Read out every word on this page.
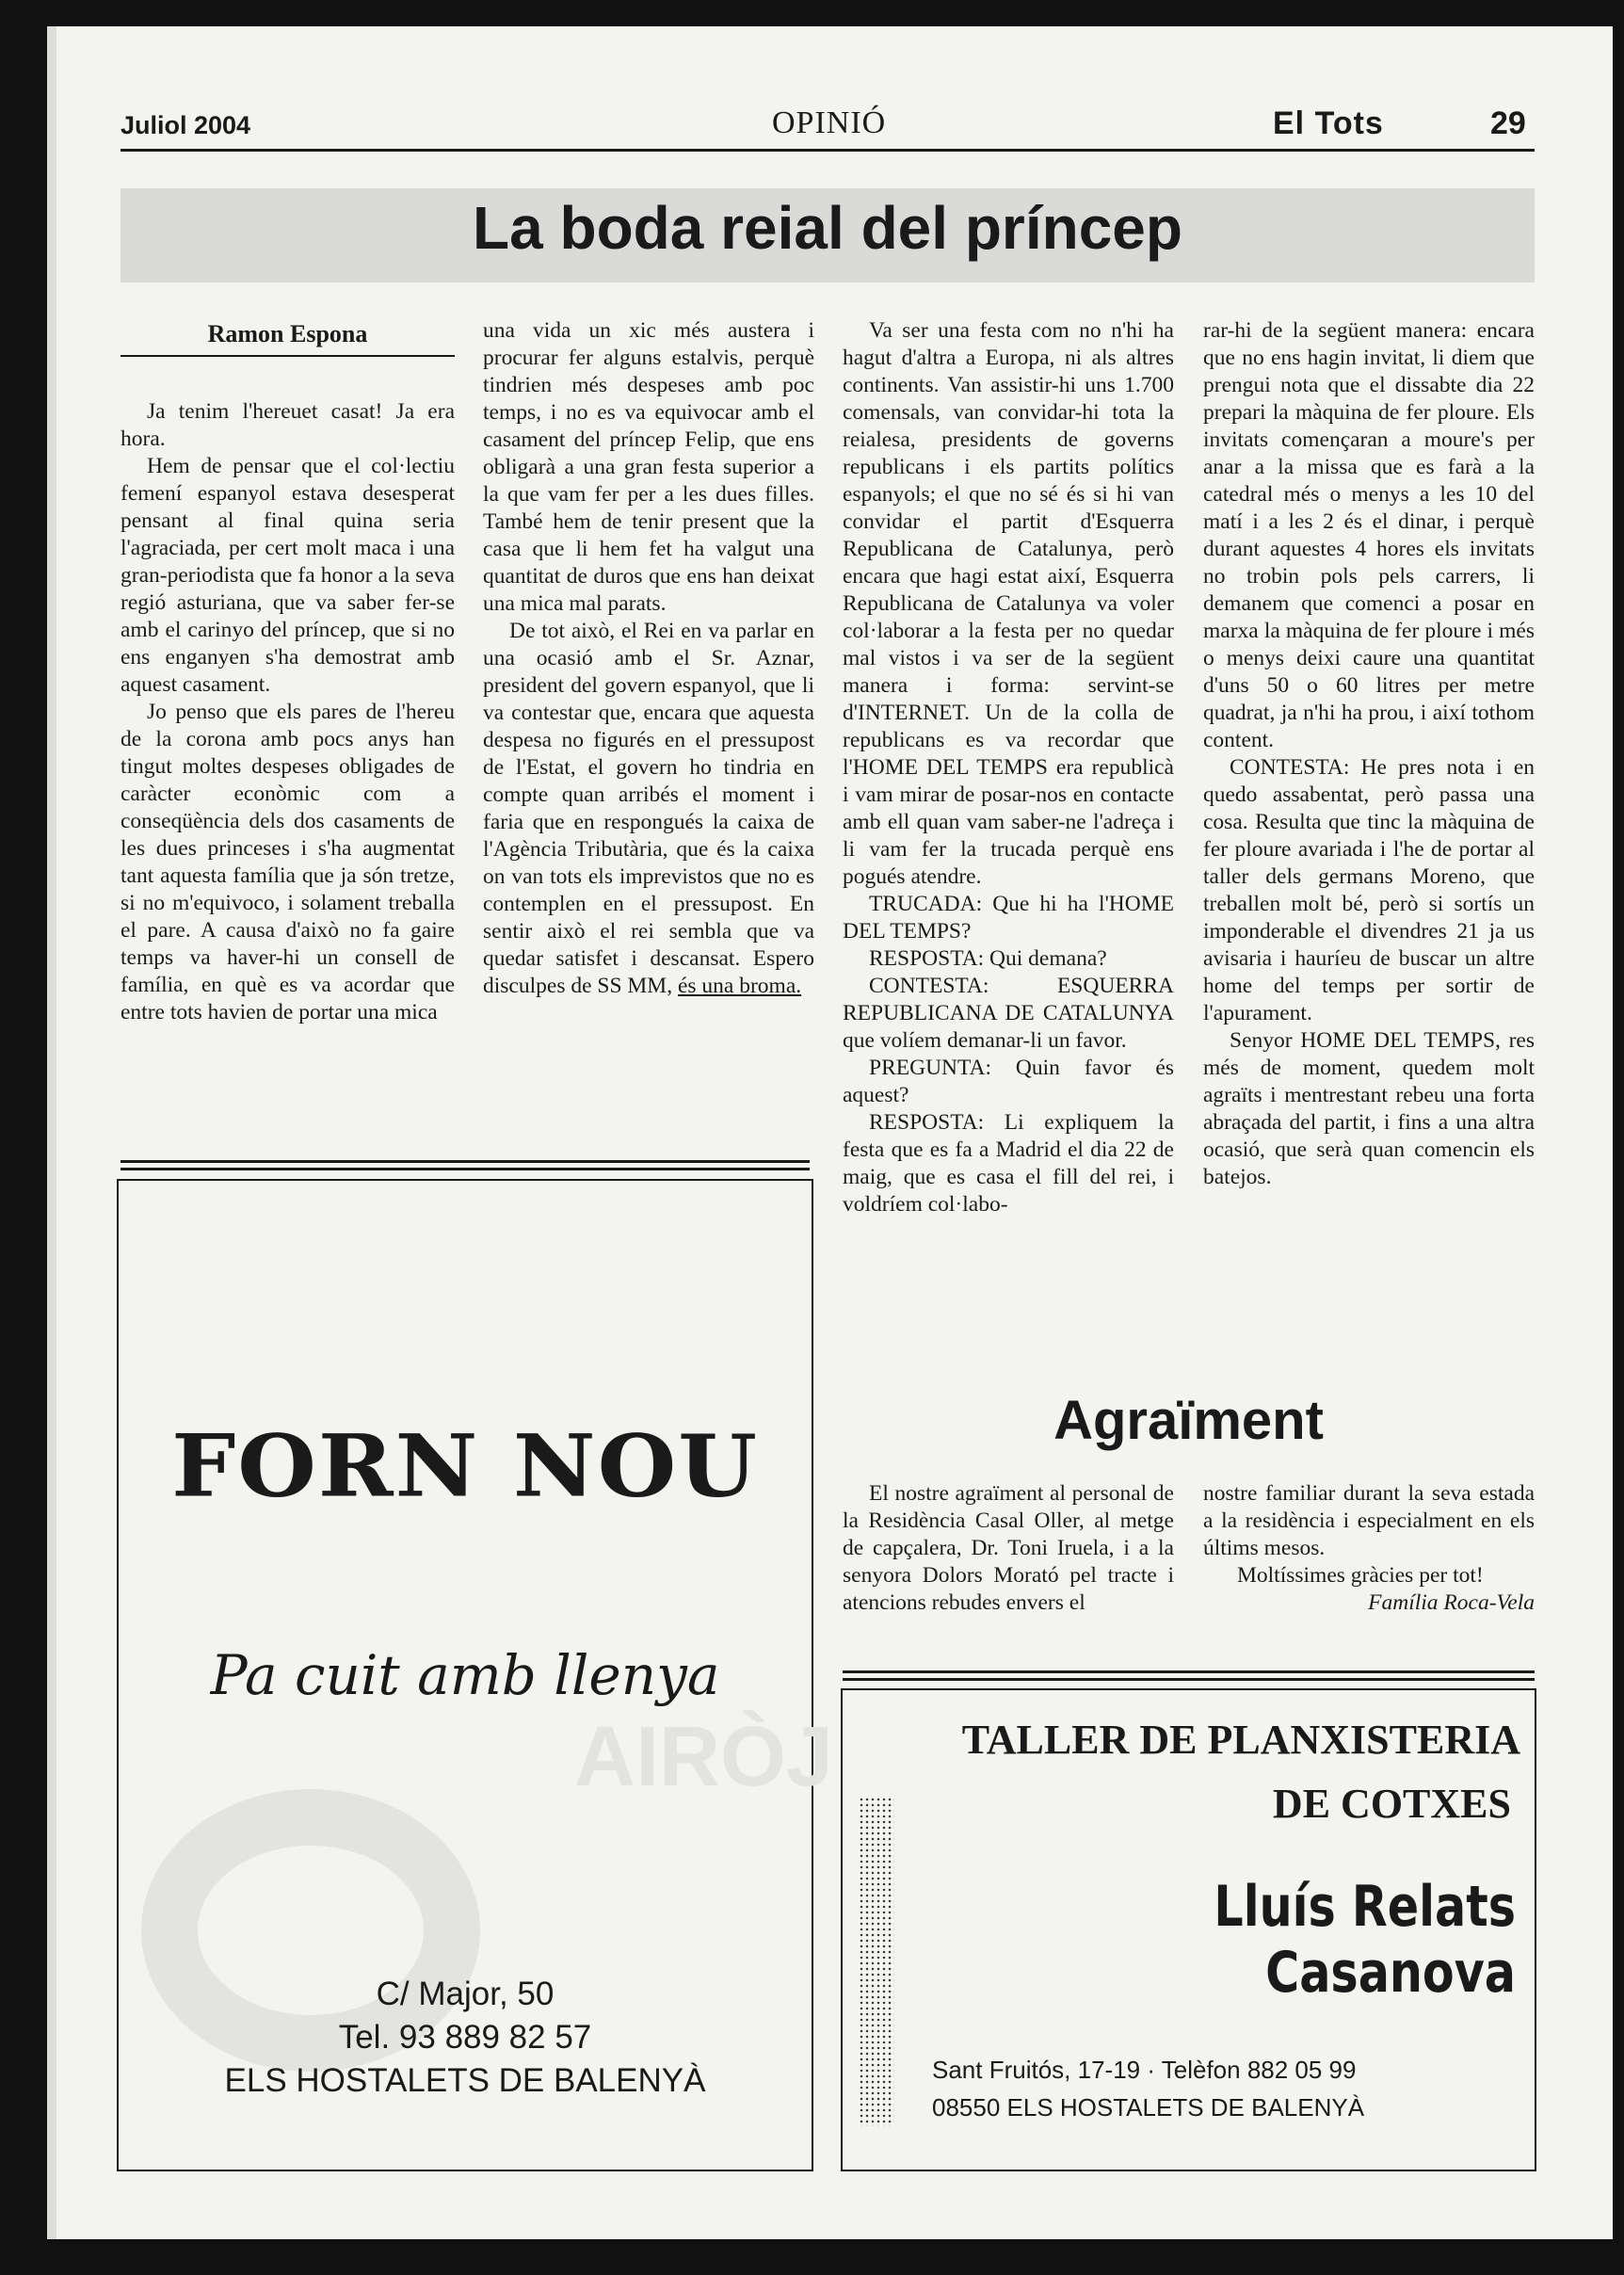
Juliol 2004	OPINIÓ	El Tots	29
La boda reial del príncep
Ramon Espona

Ja tenim l'hereuet casat! Ja era hora.

Hem de pensar que el col·lectiu femení espanyol estava desesperat pensant al final quina seria l'agraciada, per cert molt maca i una gran-periodista que fa honor a la seva regió asturiana, que va saber fer-se amb el carinyo del príncep, que si no ens enganyen s'ha demostrat amb aquest casament.

Jo penso que els pares de l'hereu de la corona amb pocs anys han tingut moltes despeses obligades de caràcter econòmic com a conseqüència dels dos casaments de les dues princeses i s'ha augmentat tant aquesta família que ja són tretze, si no m'equivoco, i solament treballa el pare. A causa d'això no fa gaire temps va haver-hi un consell de família, en què es va acordar que entre tots havien de portar una mica

una vida un xic més austera i procurar fer alguns estalvis, perquè tindrien més despeses amb poc temps, i no es va equivocar amb el casament del príncep Felip, que ens obligarà a una gran festa superior a la que vam fer per a les dues filles. També hem de tenir present que la casa que li hem fet ha valgut una quantitat de duros que ens han deixat una mica mal parats.

De tot això, el Rei en va parlar en una ocasió amb el Sr. Aznar, president del govern espanyol, que li va contestar que, encara que aquesta despesa no figurés en el pressupost de l'Estat, el govern ho tindria en compte quan arribés el moment i faria que en respongués la caixa de l'Agència Tributària, que és la caixa on van tots els imprevistos que no es contemplen en el pressupost. En sentir això el rei sembla que va quedar satisfet i descansat. Espero disculpes de SS MM, és una broma.

Va ser una festa com no n'hi ha hagut d'altra a Europa, ni als altres continents. Van assistir-hi uns 1.700 comensals, van convidar-hi tota la reialesa, presidents de governs republicans i els partits polítics espanyols; el que no sé és si hi van convidar el partit d'Esquerra Republicana de Catalunya, però encara que hagi estat així, Esquerra Republicana de Catalunya va voler col·laborar a la festa per no quedar mal vistos i va ser de la següent manera i forma: servint-se d'INTERNET. Un de la colla de republicans es va recordar que l'HOME DEL TEMPS era republicà i vam mirar de posar-nos en contacte amb ell quan vam saber-ne l'adreça i li vam fer la trucada perquè ens pogués atendre.

TRUCADA: Que hi ha l'HOME DEL TEMPS?

RESPOSTA: Qui demana?

CONTESTA: ESQUERRA REPUBLICANA DE CATALUNYA que volíem demanar-li un favor.

PREGUNTA: Quin favor és aquest?

RESPOSTA: Li expliquem la festa que es fa a Madrid el dia 22 de maig, que es casa el fill del rei, i voldríem col·labo-

rar-hi de la següent manera: encara que no ens hagin invitat, li diem que prengui nota que el dissabte dia 22 prepari la màquina de fer ploure. Els invitats començaran a moure's per anar a la missa que es farà a la catedral més o menys a les 10 del matí i a les 2 és el dinar, i perquè durant aquestes 4 hores els invitats no trobin pols pels carrers, li demanem que comenci a posar en marxa la màquina de fer ploure i més o menys deixi caure una quantitat d'uns 50 o 60 litres per metre quadrat, ja n'hi ha prou, i així tothom content.

CONTESTA: He pres nota i en quedo assabentat, però passa una cosa. Resulta que tinc la màquina de fer ploure avariada i l'he de portar al taller dels germans Moreno, que treballen molt bé, però si sortís un imponderable el divendres 21 ja us avisaria i hauríeu de buscar un altre home del temps per sortir de l'apurament.

Senyor HOME DEL TEMPS, res més de moment, quedem molt agraïts i mentrestant rebeu una forta abraçada del partit, i fins a una altra ocasió, que serà quan comencin els batejos.

AIRÒJ
FORN NOU
Pa cuit amb llenya
C/ Major, 50
Tel. 93 889 82 57
ELS HOSTALETS DE BALENYÀ
Agraïment

El nostre agraïment al personal de la Residència Casal Oller, al metge de capçalera, Dr. Toni Iruela, i a la senyora Dolors Morató pel tracte i atencions rebudes envers el

nostre familiar durant la seva estada a la residència i especialment en els últims mesos.

Moltíssimes gràcies per tot!

Família Roca-Vela

TALLER DE PLANXISTERIA
DE COTXES
Lluís Relats Casanova
Sant Fruitós, 17-19 · Telèfon 882 05 99
08550 ELS HOSTALETS DE BALENYÀ
